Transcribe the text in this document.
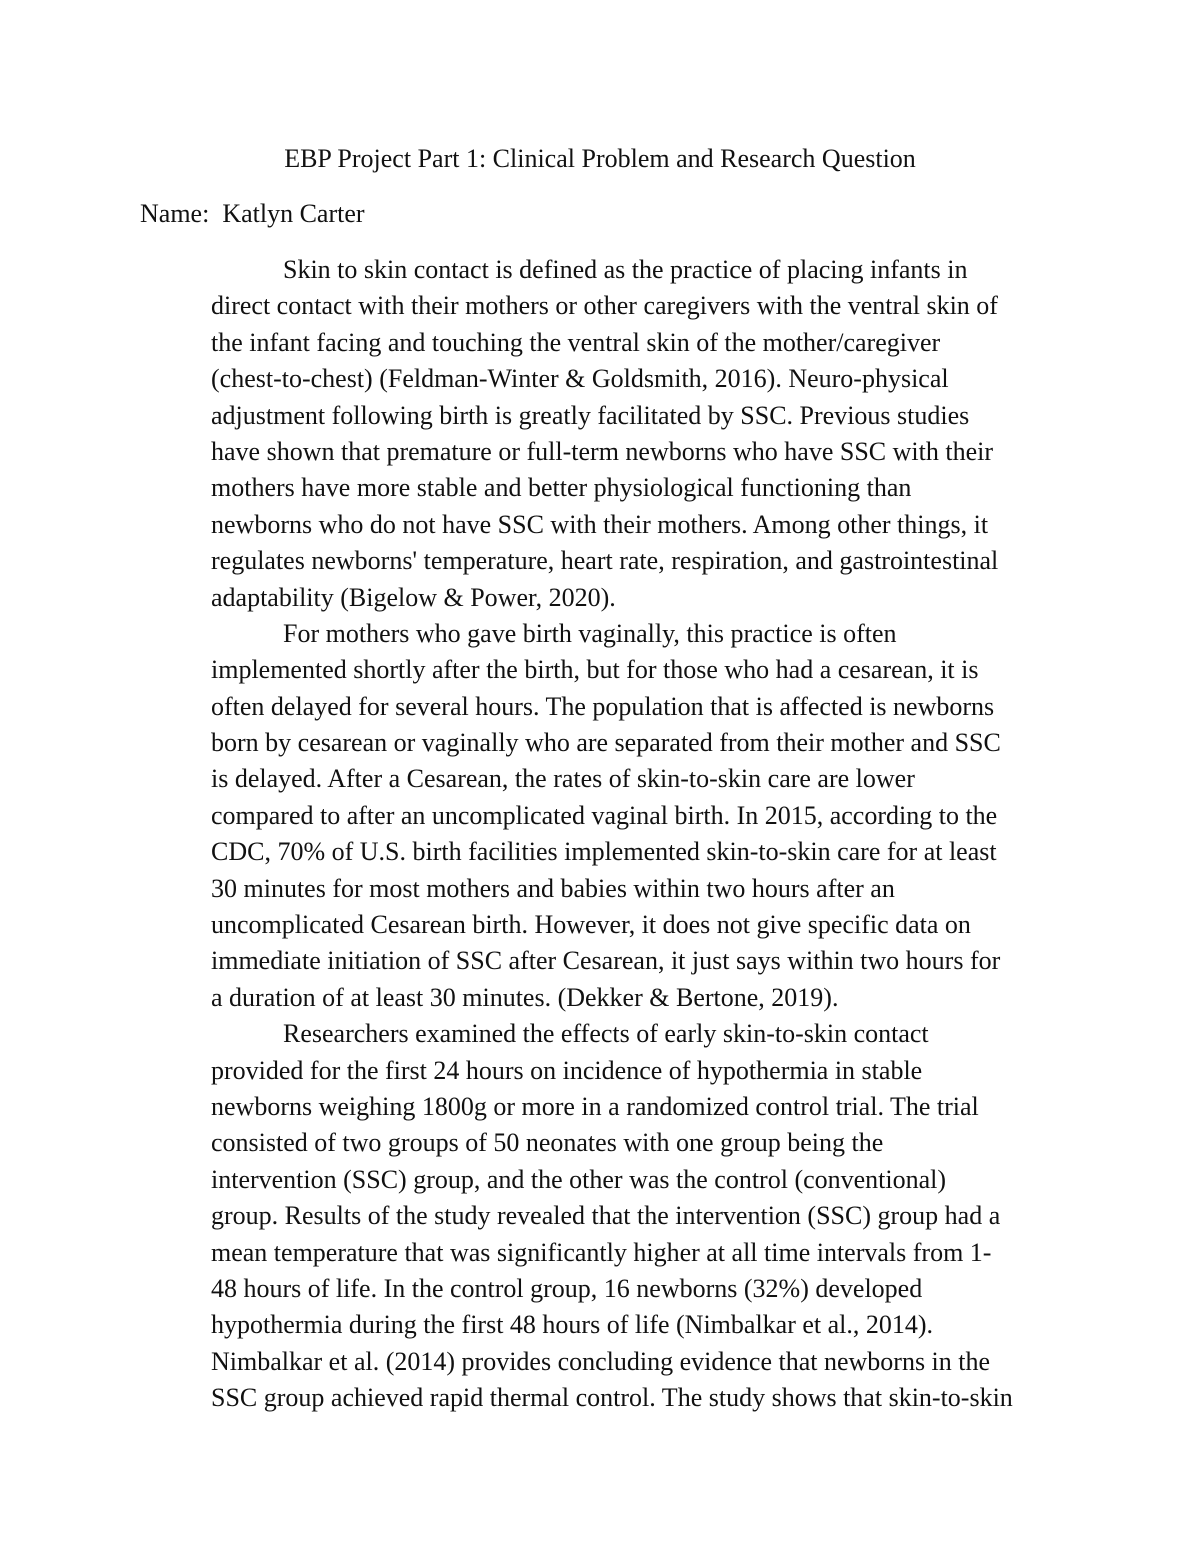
EBP Project Part 1: Clinical Problem and Research Question
Name: Katlyn Carter
Skin to skin contact is defined as the practice of placing infants in
direct contact with their mothers or other caregivers with the ventral skin of
the infant facing and touching the ventral skin of the mother/caregiver
(chest-to-chest) (Feldman-Winter & Goldsmith, 2016). Neuro-physical
adjustment following birth is greatly facilitated by SSC. Previous studies
have shown that premature or full-term newborns who have SSC with their
mothers have more stable and better physiological functioning than
newborns who do not have SSC with their mothers. Among other things, it
regulates newborns' temperature, heart rate, respiration, and gastrointestinal
adaptability (Bigelow & Power, 2020).
For mothers who gave birth vaginally, this practice is often
implemented shortly after the birth, but for those who had a cesarean, it is
often delayed for several hours. The population that is affected is newborns
born by cesarean or vaginally who are separated from their mother and SSC
is delayed. After a Cesarean, the rates of skin-to-skin care are lower
compared to after an uncomplicated vaginal birth. In 2015, according to the
CDC, 70% of U.S. birth facilities implemented skin-to-skin care for at least
30 minutes for most mothers and babies within two hours after an
uncomplicated Cesarean birth. However, it does not give specific data on
immediate initiation of SSC after Cesarean, it just says within two hours for
a duration of at least 30 minutes. (Dekker & Bertone, 2019).
Researchers examined the effects of early skin-to-skin contact
provided for the first 24 hours on incidence of hypothermia in stable
newborns weighing 1800g or more in a randomized control trial. The trial
consisted of two groups of 50 neonates with one group being the
intervention (SSC) group, and the other was the control (conventional)
group. Results of the study revealed that the intervention (SSC) group had a
mean temperature that was significantly higher at all time intervals from 1-
48 hours of life. In the control group, 16 newborns (32%) developed
hypothermia during the first 48 hours of life (Nimbalkar et al., 2014).
Nimbalkar et al. (2014) provides concluding evidence that newborns in the
SSC group achieved rapid thermal control. The study shows that skin-to-skin
